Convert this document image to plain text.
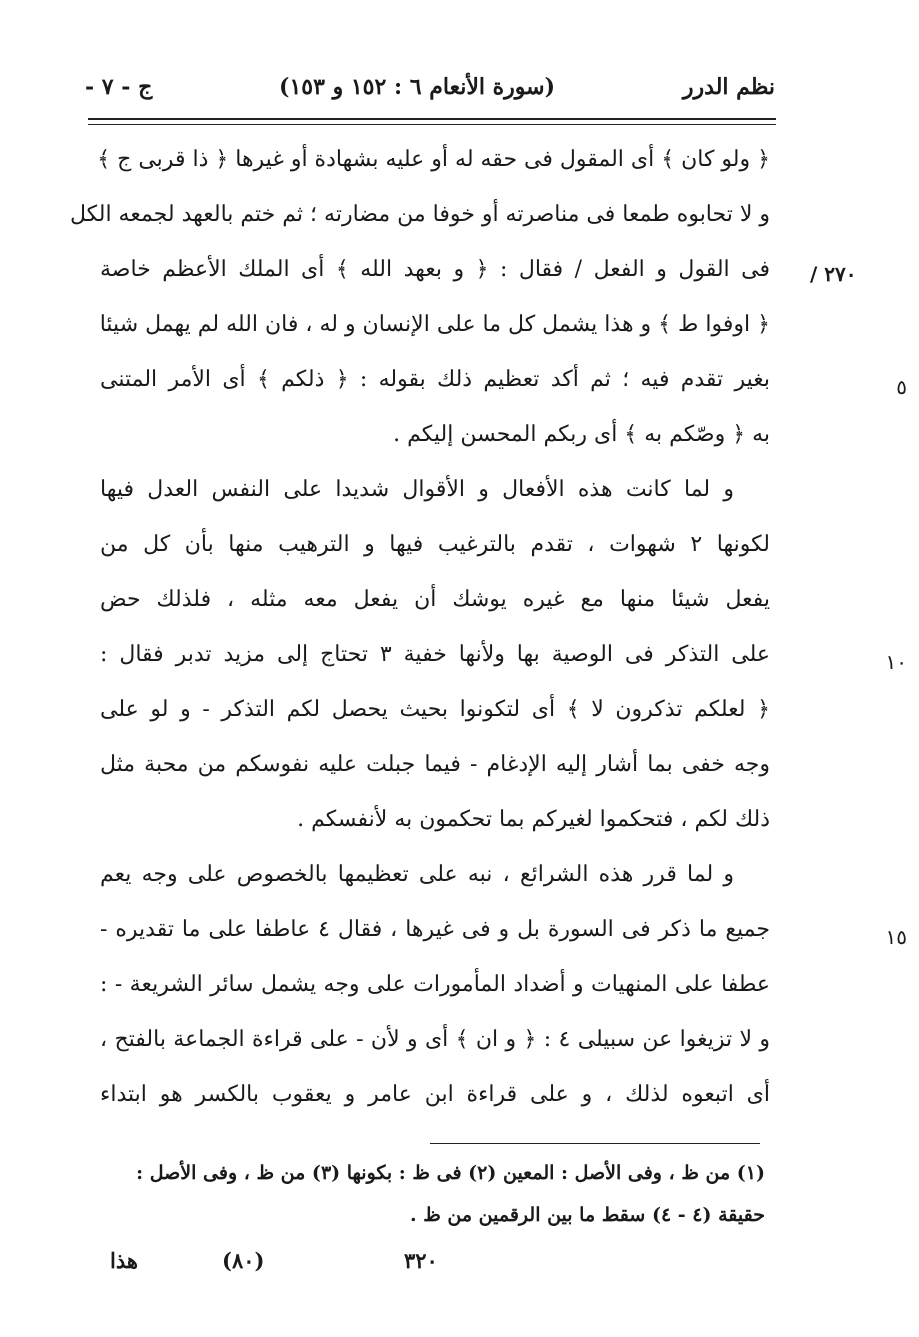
نظم الدرر
(سورة الأنعام ٦ : ١٥٢ و ١٥٣)
ج - ٧ -
٢٧٠ /
٥
١٠
١٥
﴿ ولو كان ﴾ أى المقول فى حقه له أو عليه بشهادة أو غيرها ﴿ ذا قربى ج ﴾
و لا تحابوه طمعا فى مناصرته أو خوفا من مضارته ؛ ثم ختم بالعهد لجمعه الكل
فى القول و الفعل / فقال : ﴿ و بعهد الله ﴾ أى الملك الأعظم خاصة
﴿ اوفوا ط ﴾ و هذا يشمل كل ما على الإنسان و له ، فان الله لم يهمل شيئا
بغير تقدم فيه ؛ ثم أكد تعظيم ذلك بقوله : ﴿ ذلكم ﴾ أى الأمر المتنى
به ﴿ وصّكم به ﴾ أى ربكم المحسن إليكم .
و لما كانت هذه الأفعال و الأقوال شديدا على النفس العدل فيها
لكونها ٢ شهوات ، تقدم بالترغيب فيها و الترهيب منها بأن كل من
يفعل شيئا منها مع غيره يوشك أن يفعل معه مثله ، فلذلك حض
على التذكر فى الوصية بها ولأنها خفية ٣ تحتاج إلى مزيد تدبر فقال :
﴿ لعلكم تذكرون لا ﴾ أى لتكونوا بحيث يحصل لكم التذكر - و لو على
وجه خفى بما أشار إليه الإدغام - فيما جبلت عليه نفوسكم من محبة مثل
ذلك لكم ، فتحكموا لغيركم بما تحكمون به لأنفسكم .
و لما قرر هذه الشرائع ، نبه على تعظيمها بالخصوص على وجه يعم
جميع ما ذكر فى السورة بل و فى غيرها ، فقال ٤ عاطفا على ما تقديره -
عطفا على المنهيات و أضداد المأمورات على وجه يشمل سائر الشريعة - :
و لا تزيغوا عن سبيلى ٤ : ﴿ و ان ﴾ أى و لأن - على قراءة الجماعة بالفتح ،
أى اتبعوه لذلك ، و على قراءة ابن عامر و يعقوب بالكسر هو ابتداء
(١) من ظ ، وفى الأصل : المعين (٢) فى ظ : بكونها (٣) من ظ ، وفى الأصل :
حقيقة (٤ - ٤) سقط ما بين الرقمين من ظ .
هذا	(٨٠)	٣٢٠
